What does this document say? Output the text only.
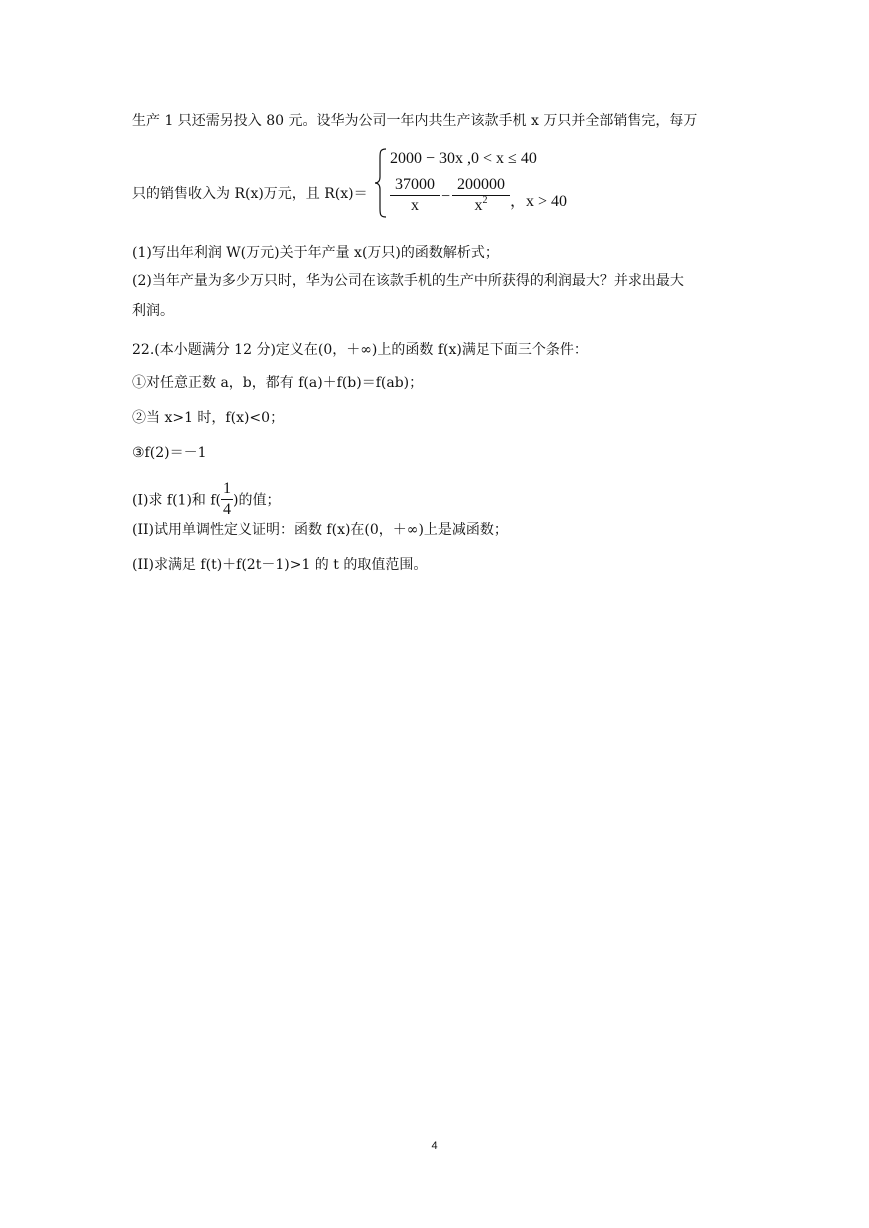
生产 1 只还需另投入 80 元。设华为公司一年内共生产该款手机 x 万只并全部销售完，每万
只的销售收入为 R(x)万元，且 R(x)＝
2000 − 30x ,0 < x ≤ 40
37000
x
−
200000
$x^2$	，x > 40
(1)写出年利润 W(万元)关于年产量 x(万只)的函数解析式；
(2)当年产量为多少万只时，华为公司在该款手机的生产中所获得的利润最大？并求出最大
利润。
22.(本小题满分 12 分)定义在(0，＋∞)上的函数 f(x)满足下面三个条件：
①对任意正数 a，b，都有 f(a)＋f(b)＝f(ab)；
②当 x>1 时，f(x)<0；
③f(2)＝－1
(I)求 f(1)和 $f( \frac{1}{4}$ )的值；
(II)试用单调性定义证明：函数 f(x)在(0，＋∞)上是减函数；
(II)求满足 f(t)＋f(2t－1)>1 的 t 的取值范围。
4
